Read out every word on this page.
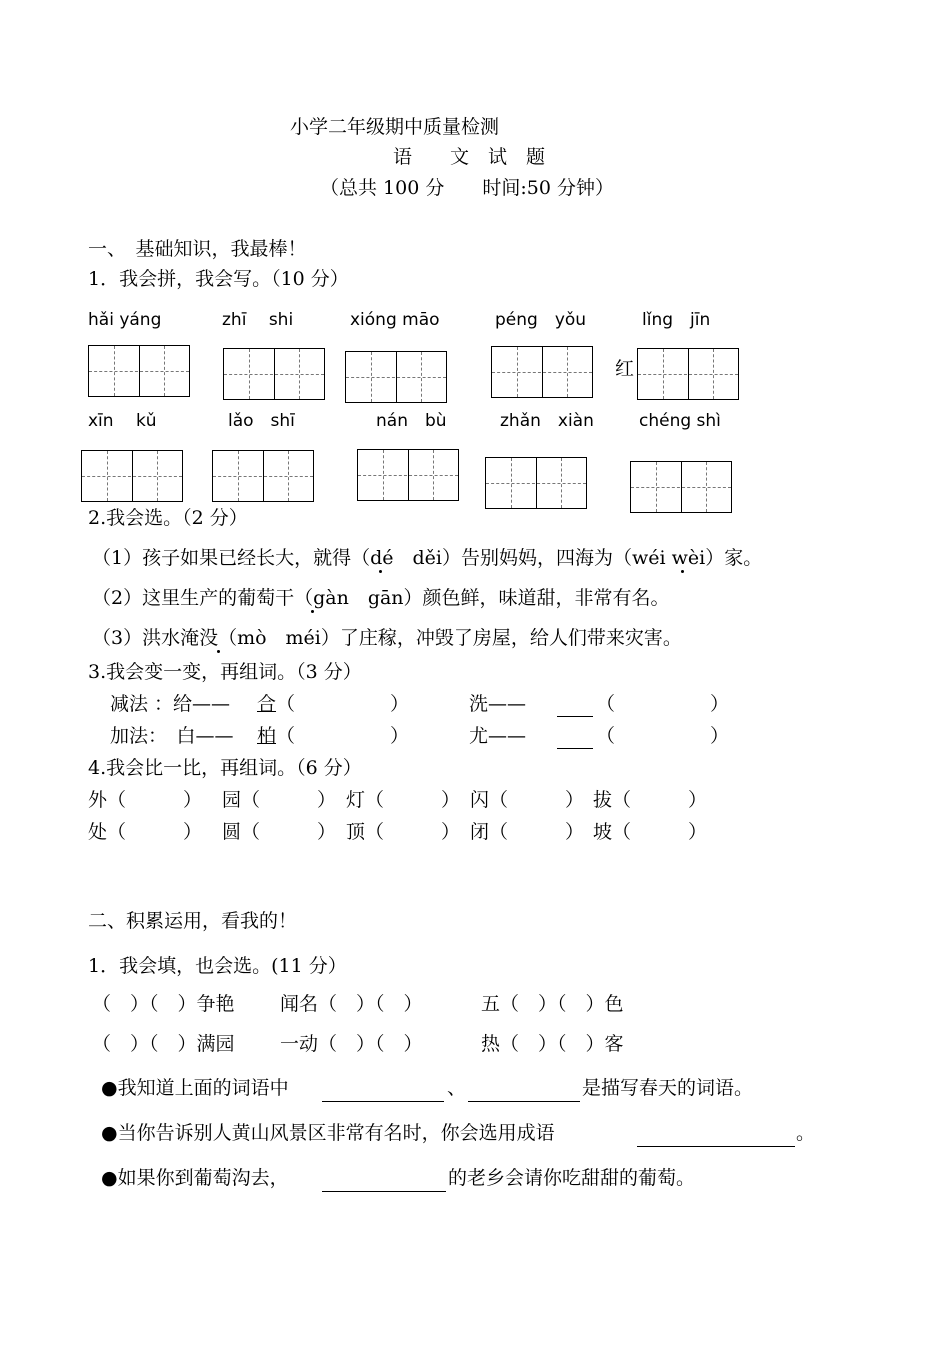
小学二年级期中质量检测
语　　文　试　题
（总共 100 分　　时间:50 分钟）
一、　基础知识，我最棒！
1．我会拼，我会写。（10 分）
hǎi yáng	zhī　 shi	xióng māo	péng　yǒu	lǐng　jīn
红
xīn　 kǔ	lǎo　shī	nán　bù	zhǎn　xiàn	chéng shì
2.我会选。（2 分）
（1）孩子如果已经长大，就得（dé　děi）告别妈妈，四海为（wéi wèi）家。
（2）这里生产的葡萄干（gàn　gān）颜色鲜，味道甜，非常有名。
（3）洪水淹没（mò　méi）了庄稼，冲毁了房屋，给人们带来灾害。
3.我会变一变，再组词。（3 分）
减法 ：给—— 合 （　　　　　）	洗——	（　　　　　）
加法：　白—— 柏 （　　　　　）	尤——	（　　　　　）
4.我会比一比，再组词。（6 分）
外（　　　） 园（　　　） 灯（　　　） 闪（　　　） 拔（　　　）
处（　　　） 圆（　　　） 顶（　　　） 闭（　　　） 坡（　　　）
二、积累运用，看我的！
1．我会填，也会选。(11 分）
（　）（　）争艳 闻名（　）（　）	五（　）（　）色
（　）（　）满园 一动（　）（　）	热（　）（　）客
●我知道上面的词语中	、	是描写春天的词语。
●当你告诉别人黄山风景区非常有名时，你会选用成语	。
●如果你到葡萄沟去，	的老乡会请你吃甜甜的葡萄。
